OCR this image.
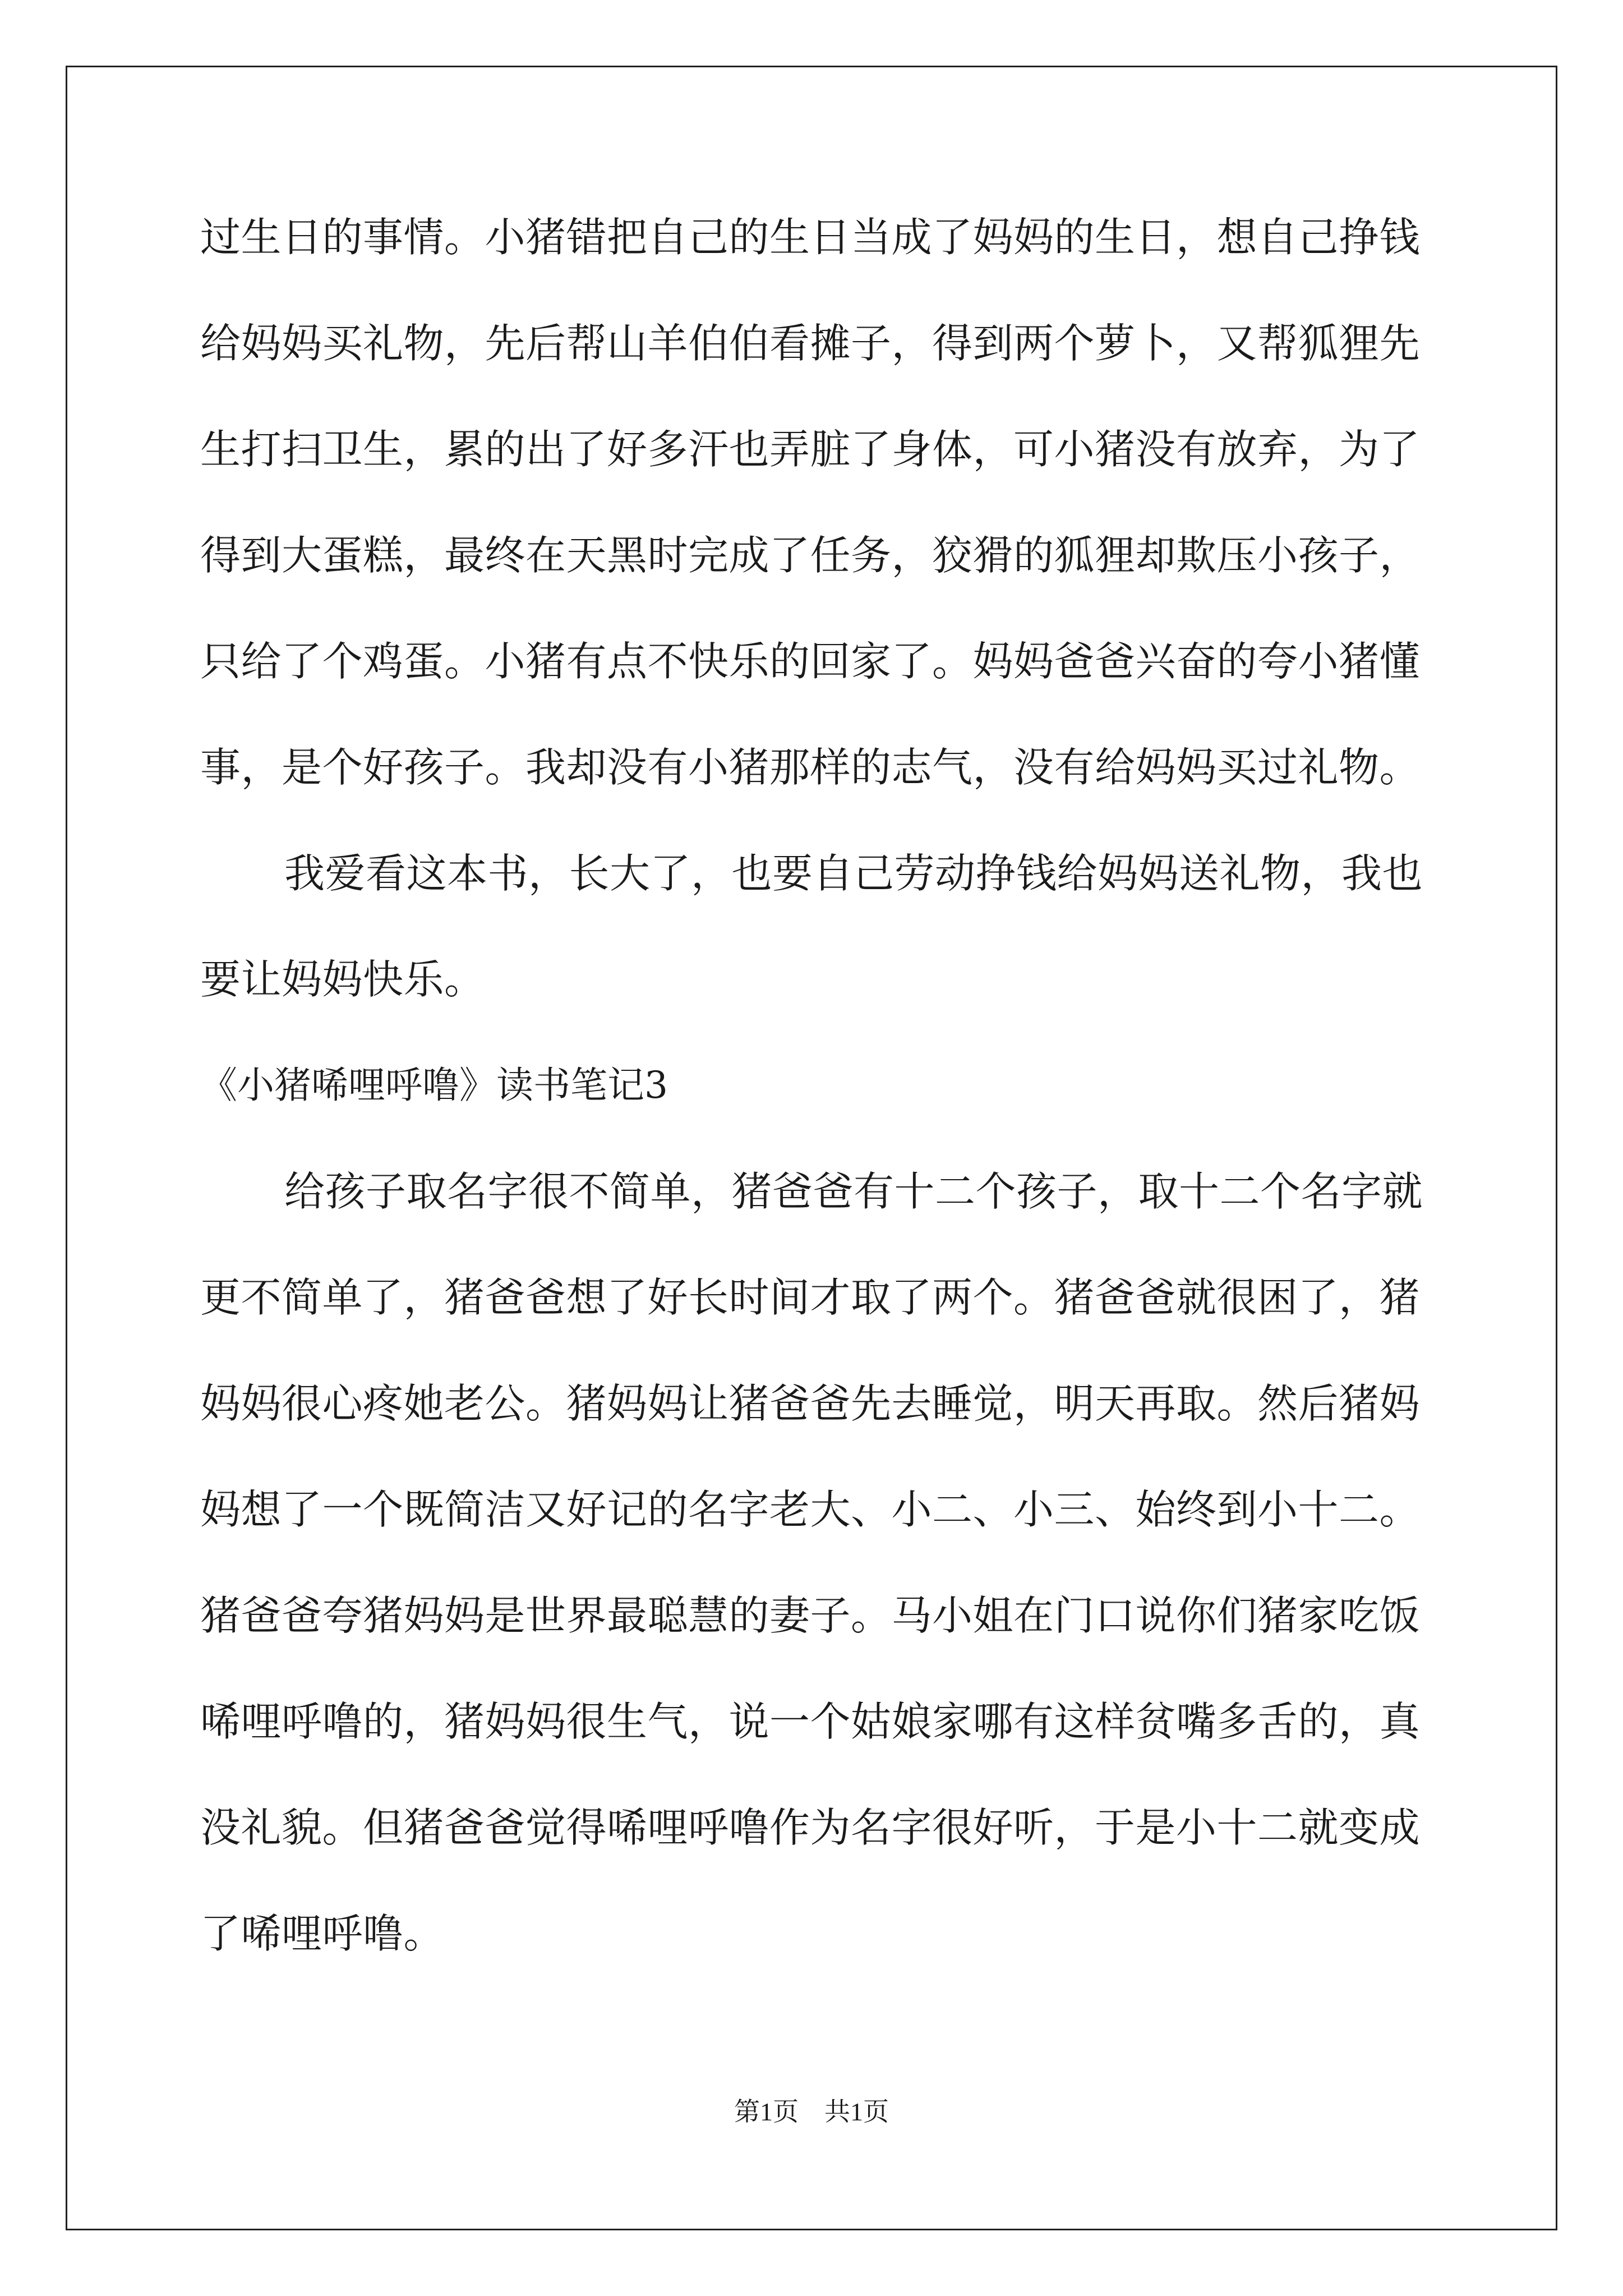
过生日的事情。小猪错把自己的生日当成了妈妈的生日，想自己挣钱
给妈妈买礼物，先后帮山羊伯伯看摊子，得到两个萝卜，又帮狐狸先
生打扫卫生，累的出了好多汗也弄脏了身体，可小猪没有放弃，为了
得到大蛋糕，最终在天黑时完成了任务，狡猾的狐狸却欺压小孩子，
只给了个鸡蛋。小猪有点不快乐的回家了。妈妈爸爸兴奋的夸小猪懂
事，是个好孩子。我却没有小猪那样的志气，没有给妈妈买过礼物。
我爱看这本书，长大了，也要自己劳动挣钱给妈妈送礼物，我也
要让妈妈快乐。
《小猪唏哩呼噜》读书笔记3
给孩子取名字很不简单，猪爸爸有十二个孩子，取十二个名字就
更不简单了，猪爸爸想了好长时间才取了两个。猪爸爸就很困了，猪
妈妈很心疼她老公。猪妈妈让猪爸爸先去睡觉，明天再取。然后猪妈
妈想了一个既简洁又好记的名字老大、小二、小三、始终到小十二。
猪爸爸夸猪妈妈是世界最聪慧的妻子。马小姐在门口说你们猪家吃饭
唏哩呼噜的，猪妈妈很生气，说一个姑娘家哪有这样贫嘴多舌的，真
没礼貌。但猪爸爸觉得唏哩呼噜作为名字很好听，于是小十二就变成
了唏哩呼噜。
第1页　共1页
